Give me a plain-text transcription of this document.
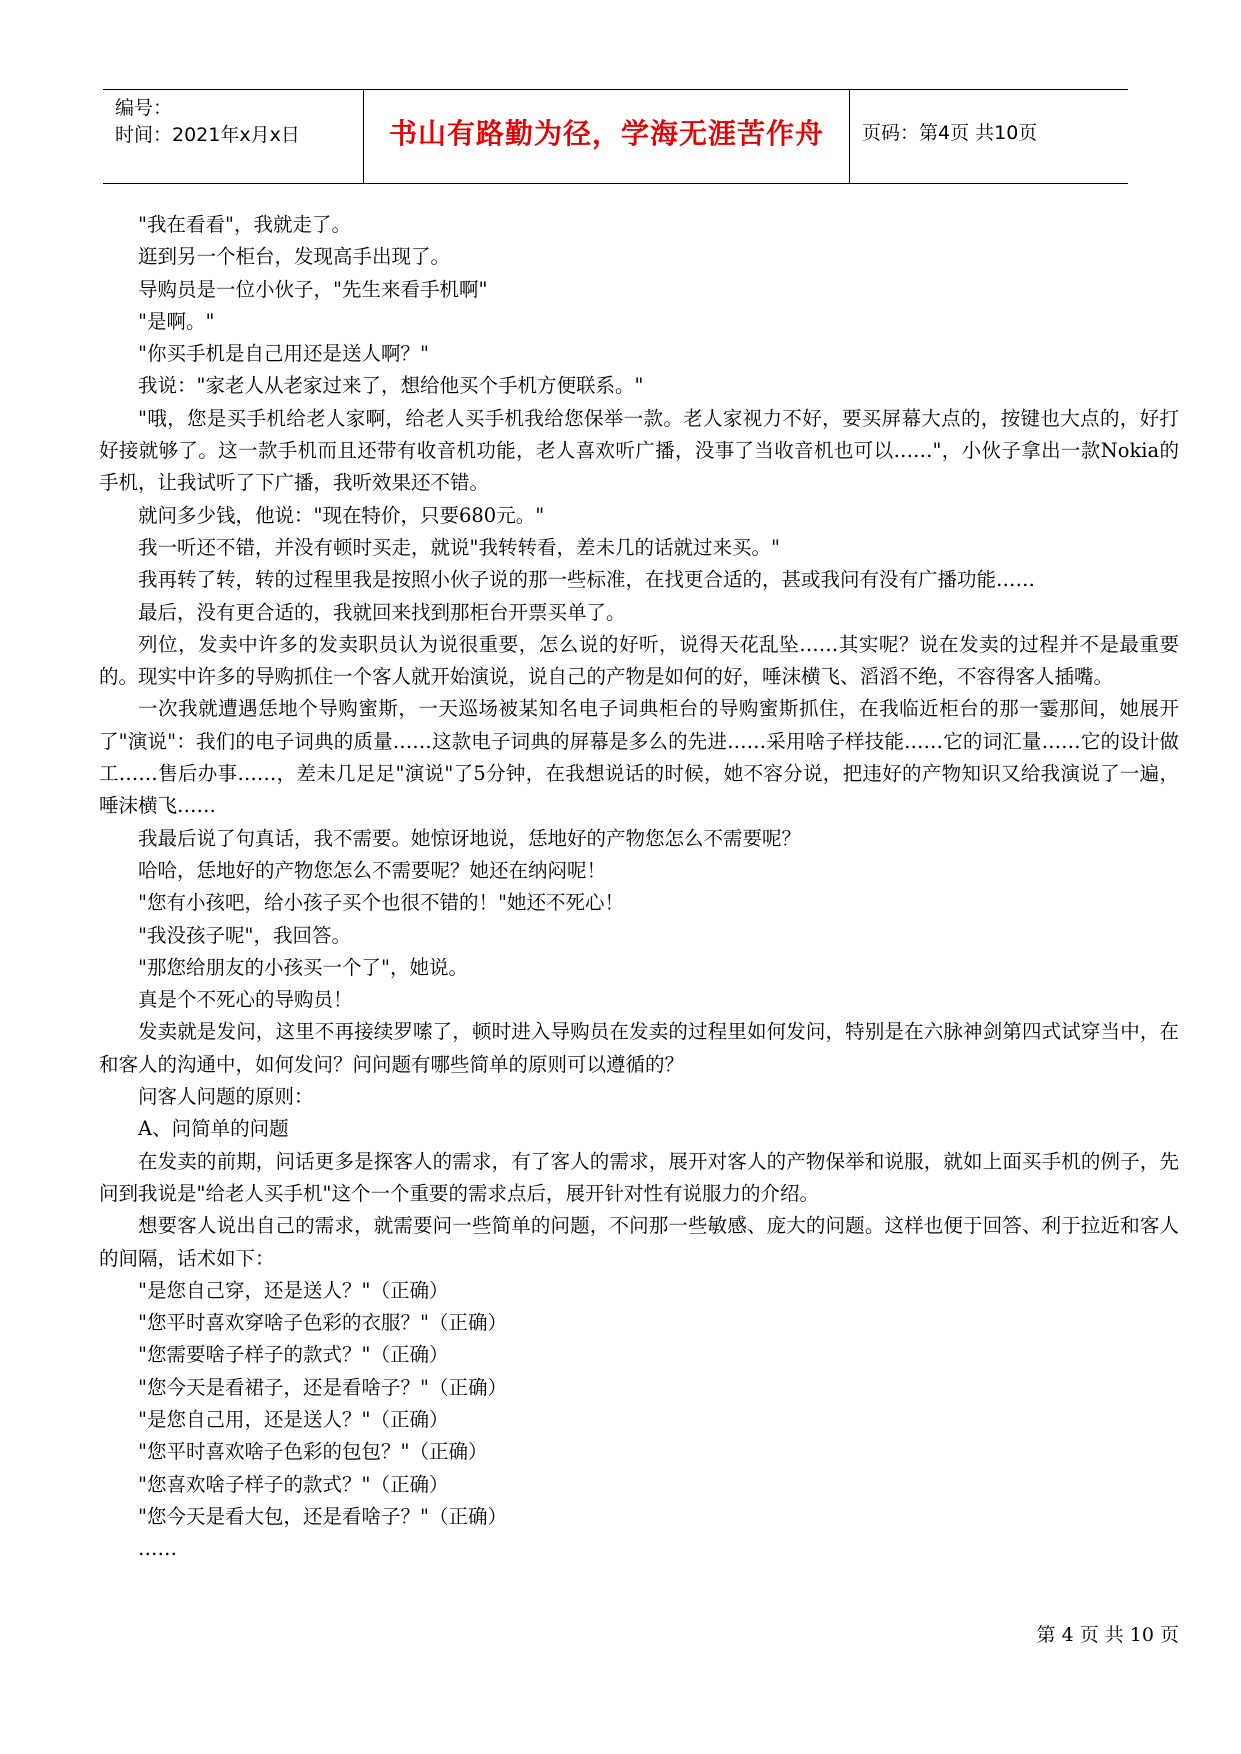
编号：
时间：2021年x月x日	书山有路勤为径，学海无涯苦作舟	页码：第4页 共10页

"我在看看"，我就走了。

逛到另一个柜台，发现高手出现了。

导购员是一位小伙子，"先生来看手机啊"

"是啊。"

"你买手机是自己用还是送人啊？"

我说："家老人从老家过来了，想给他买个手机方便联系。"

"哦，您是买手机给老人家啊，给老人买手机我给您保举一款。老人家视力不好，要买屏幕大点的，按键也大点的，好打好接就够了。这一款手机而且还带有收音机功能，老人喜欢听广播，没事了当收音机也可以……"，小伙子拿出一款Nokia的手机，让我试听了下广播，我听效果还不错。

就问多少钱，他说："现在特价，只要680元。"

我一听还不错，并没有顿时买走，就说"我转转看，差未几的话就过来买。"

我再转了转，转的过程里我是按照小伙子说的那一些标准，在找更合适的，甚或我问有没有广播功能……

最后，没有更合适的，我就回来找到那柜台开票买单了。

列位，发卖中许多的发卖职员认为说很重要，怎么说的好听，说得天花乱坠……其实呢？说在发卖的过程并不是最重要的。现实中许多的导购抓住一个客人就开始演说，说自己的产物是如何的好，唾沫横飞、滔滔不绝，不容得客人插嘴。

一次我就遭遇恁地个导购蜜斯，一天巡场被某知名电子词典柜台的导购蜜斯抓住，在我临近柜台的那一霎那间，她展开了"演说"：我们的电子词典的质量……这款电子词典的屏幕是多么的先进……采用啥子样技能……它的词汇量……它的设计做工……售后办事……，差未几足足"演说"了5分钟，在我想说话的时候，她不容分说，把违好的产物知识又给我演说了一遍，唾沫横飞……

我最后说了句真话，我不需要。她惊讶地说，恁地好的产物您怎么不需要呢？

哈哈，恁地好的产物您怎么不需要呢？她还在纳闷呢！

"您有小孩吧，给小孩子买个也很不错的！"她还不死心！

"我没孩子呢"，我回答。

"那您给朋友的小孩买一个了"，她说。

真是个不死心的导购员！

发卖就是发问，这里不再接续罗嗦了，顿时进入导购员在发卖的过程里如何发问，特别是在六脉神剑第四式试穿当中，在和客人的沟通中，如何发问？问问题有哪些简单的原则可以遵循的？

问客人问题的原则：

A、问简单的问题

在发卖的前期，问话更多是探客人的需求，有了客人的需求，展开对客人的产物保举和说服，就如上面买手机的例子，先问到我说是"给老人买手机"这个一个重要的需求点后，展开针对性有说服力的介绍。

想要客人说出自己的需求，就需要问一些简单的问题，不问那一些敏感、庞大的问题。这样也便于回答、利于拉近和客人的间隔，话术如下：

"是您自己穿，还是送人？"（正确）

"您平时喜欢穿啥子色彩的衣服？"（正确）

"您需要啥子样子的款式？"（正确）

"您今天是看裙子，还是看啥子？"（正确）

"是您自己用，还是送人？"（正确）

"您平时喜欢啥子色彩的包包？"（正确）

"您喜欢啥子样子的款式？"（正确）

"您今天是看大包，还是看啥子？"（正确）

……

第 4 页 共 10 页
